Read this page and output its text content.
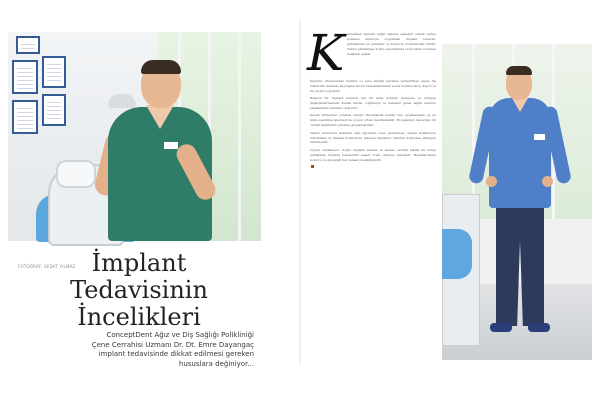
FOTOĞRAF: SEDAT YILMAZ İmplant
Tedavisinin
İncelikleri

ConceptDent Ağız ve Diş Sağlığı Polikliniği
Çene Cerrahisi Uzmanı Dr. Dt. Emre Dayangaç
implant tedavisinde dikkat edilmesi gereken
hususlara değiniyor...

K aybedilen dişlerin doğal dişlerin eşdeğeri olarak yerine konması amacıyla uygulanan implant tedavisi, günümüzde en güvenilir ve konforlu çözümlerden biridir. Tedavi planlaması doğru yapıldığında uzun yıllar sorunsuz kullanım sağlar.

İmplant, titanyumdan üretilen ve çene kemiği içerisine yerleştirilen yapay diş kökleridir. Kemikle kaynaşma süreci tamamlandıktan sonra üzerine kron, köprü ya da protez uygulanır.

Başarılı bir implant tedavisi için ilk adım ayrıntılı muayene ve röntgen değerlendirmesidir. Kemik hacmi, yoğunluğu ve hastanın genel sağlık durumu planlamanın temelini oluşturur.

Kemik miktarının yetersiz olduğu durumlarda kemik tozu uygulamaları ya da sinüs kaldırma işlemleri ile uygun ortam hazırlanabilir. Bu işlemler deneyimli bir cerrah tarafından güvenle gerçekleştirilir.

Tedavi sürecinde hastanın ağız hijyenine özen göstermesi, sigara kullanımını sınırlaması ve düzenli kontrollere gelmesi implantın ömrünü doğrudan etkileyen faktörlerdir.

Uygun endikasyon, doğru implant sistemi ve hassas cerrahi teknik bir araya geldiğinde implant tedavisinin başarı oranı oldukça yüksektir. Hastalarımızın konforu ve güvenliği her zaman önceliğimizdir.
